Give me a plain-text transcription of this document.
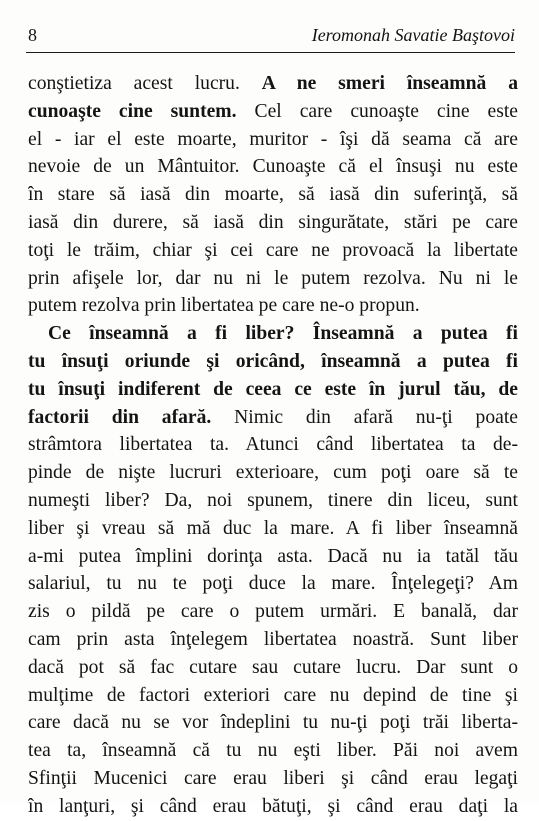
8	Ieromonah Savatie Baştovoi
conştietiza acest lucru. A ne smeri înseamnă a
cunoaşte cine suntem. Cel care cunoaşte cine este
el - iar el este moarte, muritor - îşi dă seama că are
nevoie de un Mântuitor. Cunoaşte că el însuşi nu este
în stare să iasă din moarte, să iasă din suferinţă, să
iasă din durere, să iasă din singurătate, stări pe care
toţi le trăim, chiar şi cei care ne provoacă la libertate
prin afişele lor, dar nu ni le putem rezolva. Nu ni le
putem rezolva prin libertatea pe care ne-o propun.
Ce înseamnă a fi liber? Înseamnă a putea fi
tu însuţi oriunde şi oricând, înseamnă a putea fi
tu însuţi indiferent de ceea ce este în jurul tău, de
factorii din afară. Nimic din afară nu-ţi poate
strâmtora libertatea ta. Atunci când libertatea ta de-
pinde de nişte lucruri exterioare, cum poţi oare să te
numeşti liber? Da, noi spunem, tinere din liceu, sunt
liber şi vreau să mă duc la mare. A fi liber înseamnă
a-mi putea împlini dorinţa asta. Dacă nu ia tatăl tău
salariul, tu nu te poţi duce la mare. Înţelegeţi? Am
zis o pildă pe care o putem urmări. E banală, dar
cam prin asta înţelegem libertatea noastră. Sunt liber
dacă pot să fac cutare sau cutare lucru. Dar sunt o
mulţime de factori exteriori care nu depind de tine şi
care dacă nu se vor îndeplini tu nu-ţi poţi trăi liberta-
tea ta, înseamnă că tu nu eşti liber. Păi noi avem
Sfinţii Mucenici care erau liberi şi când erau legaţi
în lanţuri, şi când erau bătuţi, şi când erau daţi la
